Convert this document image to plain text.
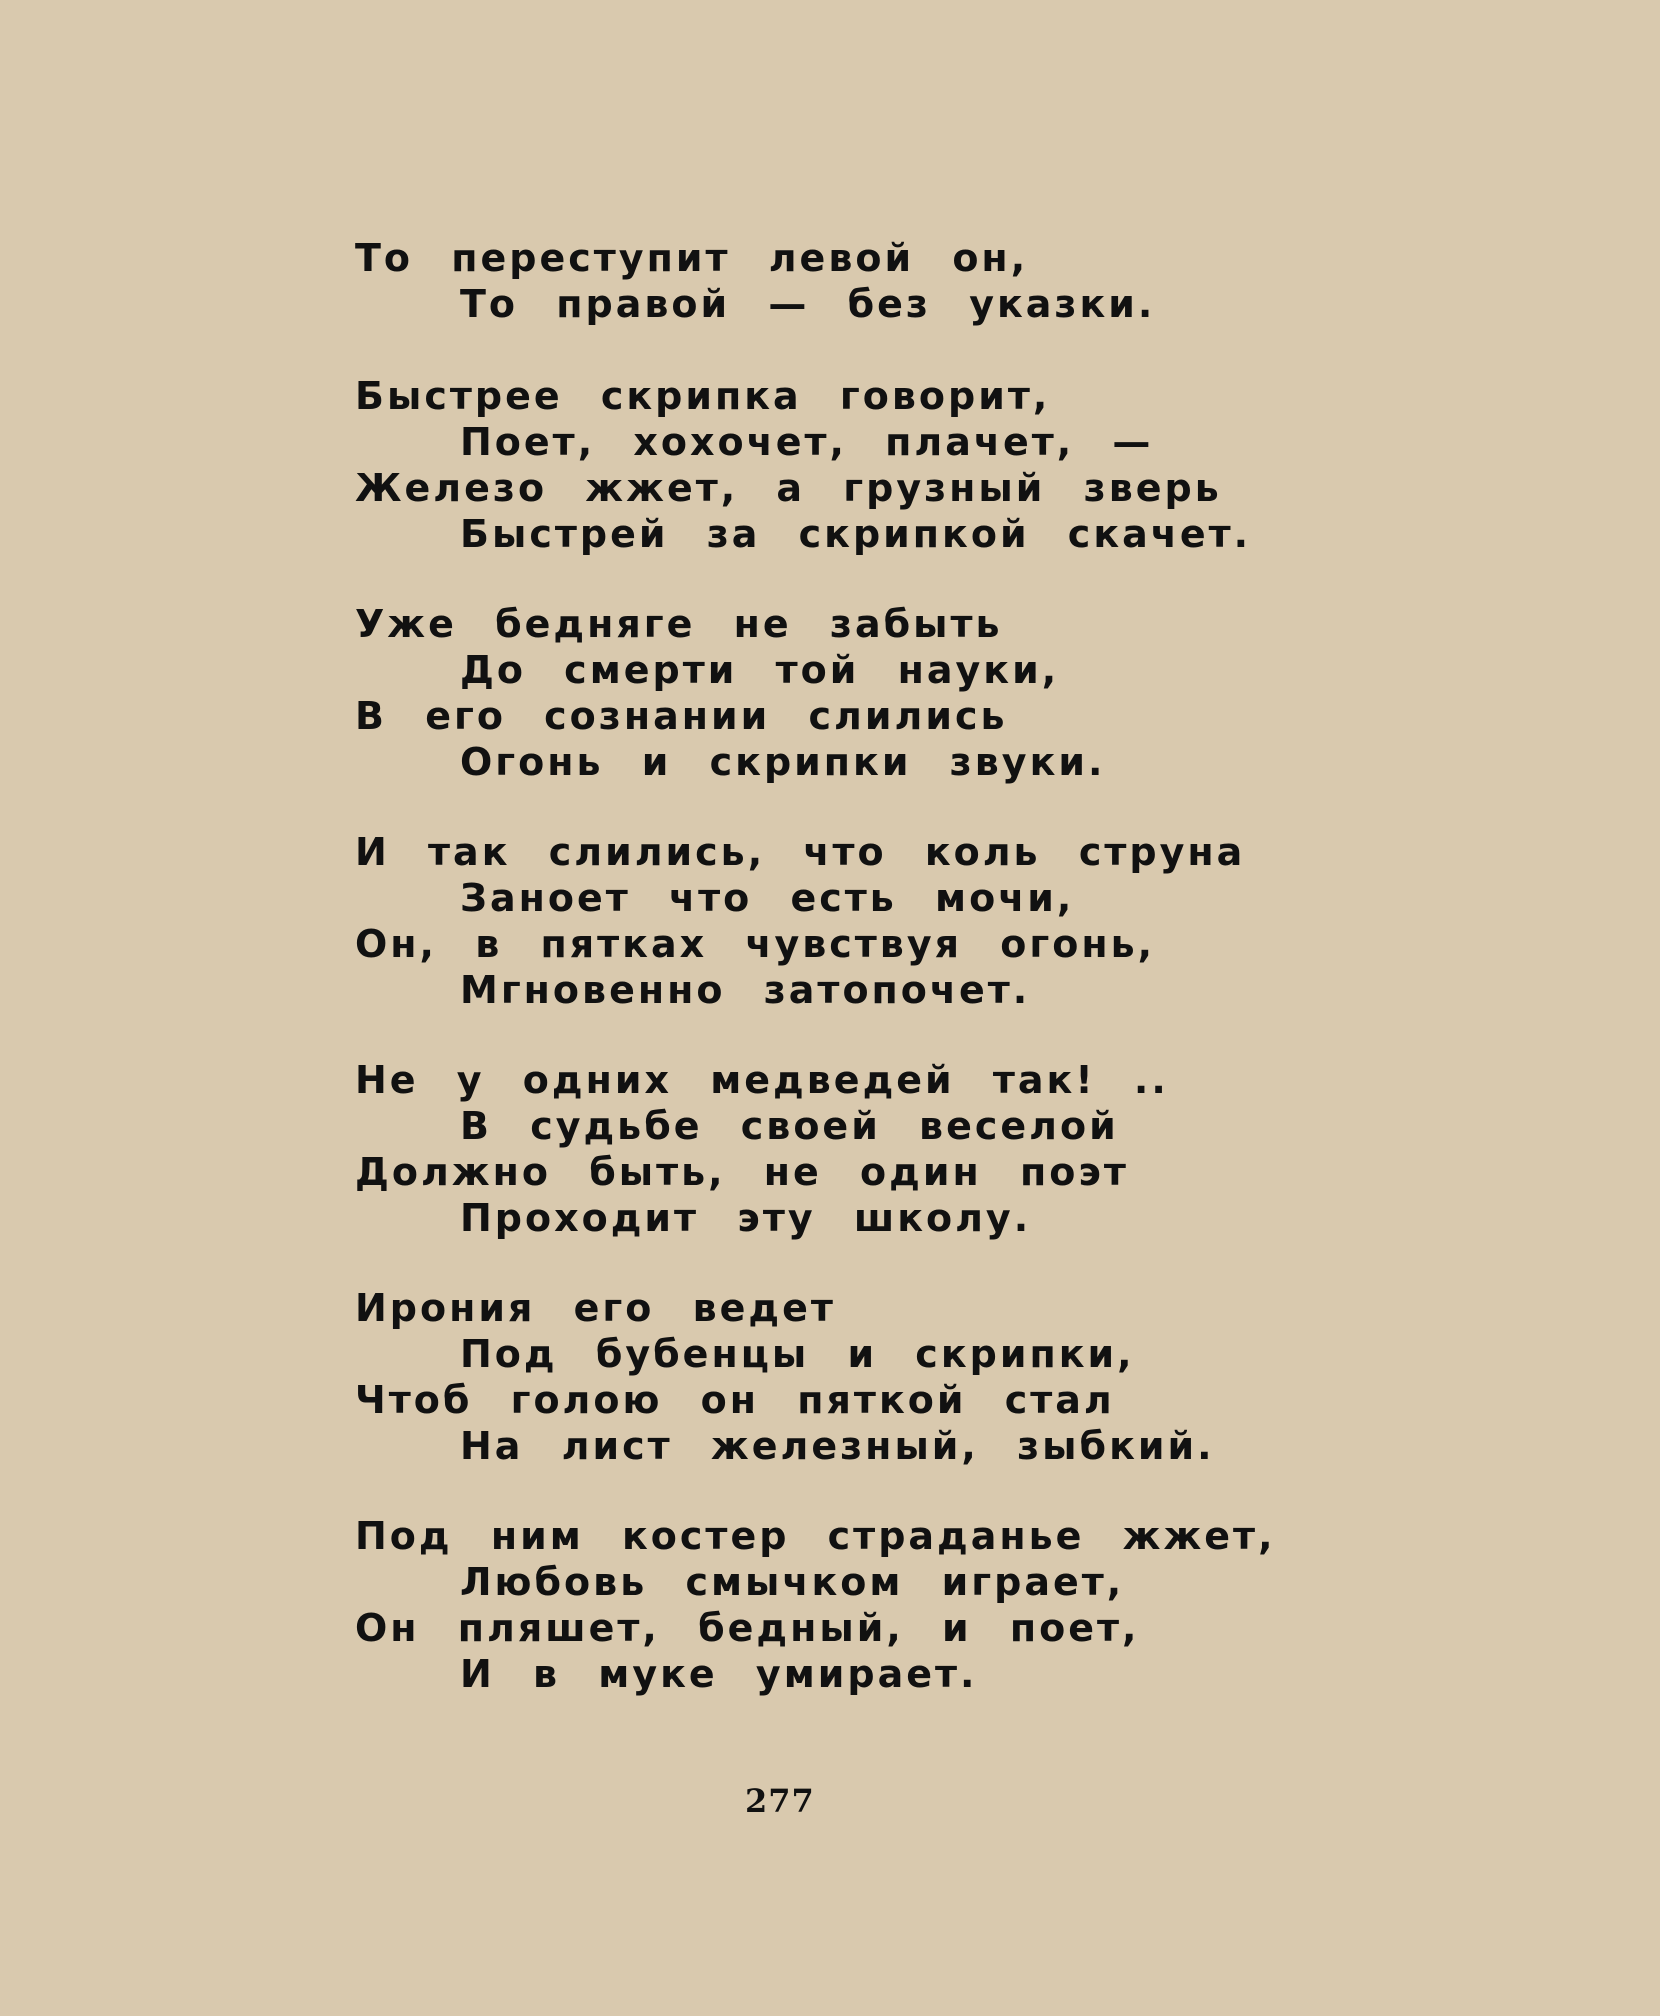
То переступит левой он,
То правой — без указки.
Быстрее скрипка говорит,
Поет, хохочет, плачет, —
Железо жжет, а грузный зверь
Быстрей за скрипкой скачет.
Уже бедняге не забыть
До смерти той науки,
В его сознании слились
Огонь и скрипки звуки.
И так слились, что коль струна
Заноет что есть мочи,
Он, в пятках чувствуя огонь,
Мгновенно затопочет.
Не у одних медведей так! ..
В судьбе своей веселой
Должно быть, не один поэт
Проходит эту школу.
Ирония его ведет
Под бубенцы и скрипки,
Чтоб голою он пяткой стал
На лист железный, зыбкий.
Под ним костер страданье жжет,
Любовь смычком играет,
Он пляшет, бедный, и поет,
И в муке умирает.
277
